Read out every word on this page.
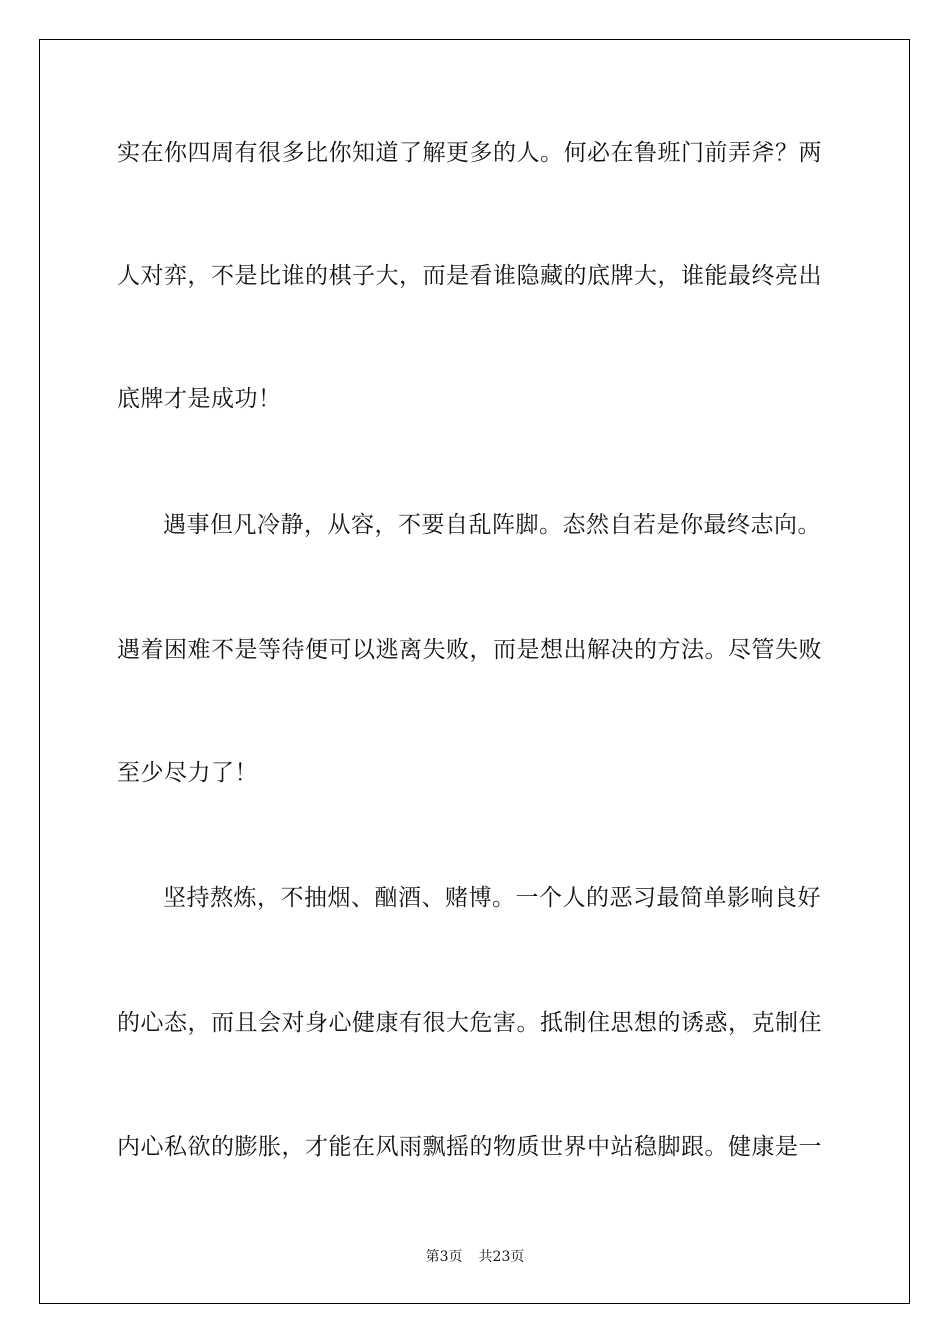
实在你四周有很多比你知道了解更多的人。何必在鲁班门前弄斧？两
人对弈，不是比谁的棋子大，而是看谁隐藏的底牌大，谁能最终亮出
底牌才是成功！
遇事但凡冷静，从容，不要自乱阵脚。态然自若是你最终志向。
遇着困难不是等待便可以逃离失败，而是想出解决的方法。尽管失败
至少尽力了！
坚持熬炼，不抽烟、酗酒、赌博。一个人的恶习最简单影响良好
的心态，而且会对身心健康有很大危害。抵制住思想的诱惑，克制住
内心私欲的膨胀，才能在风雨飘摇的物质世界中站稳脚跟。健康是一
第3页 共23页
